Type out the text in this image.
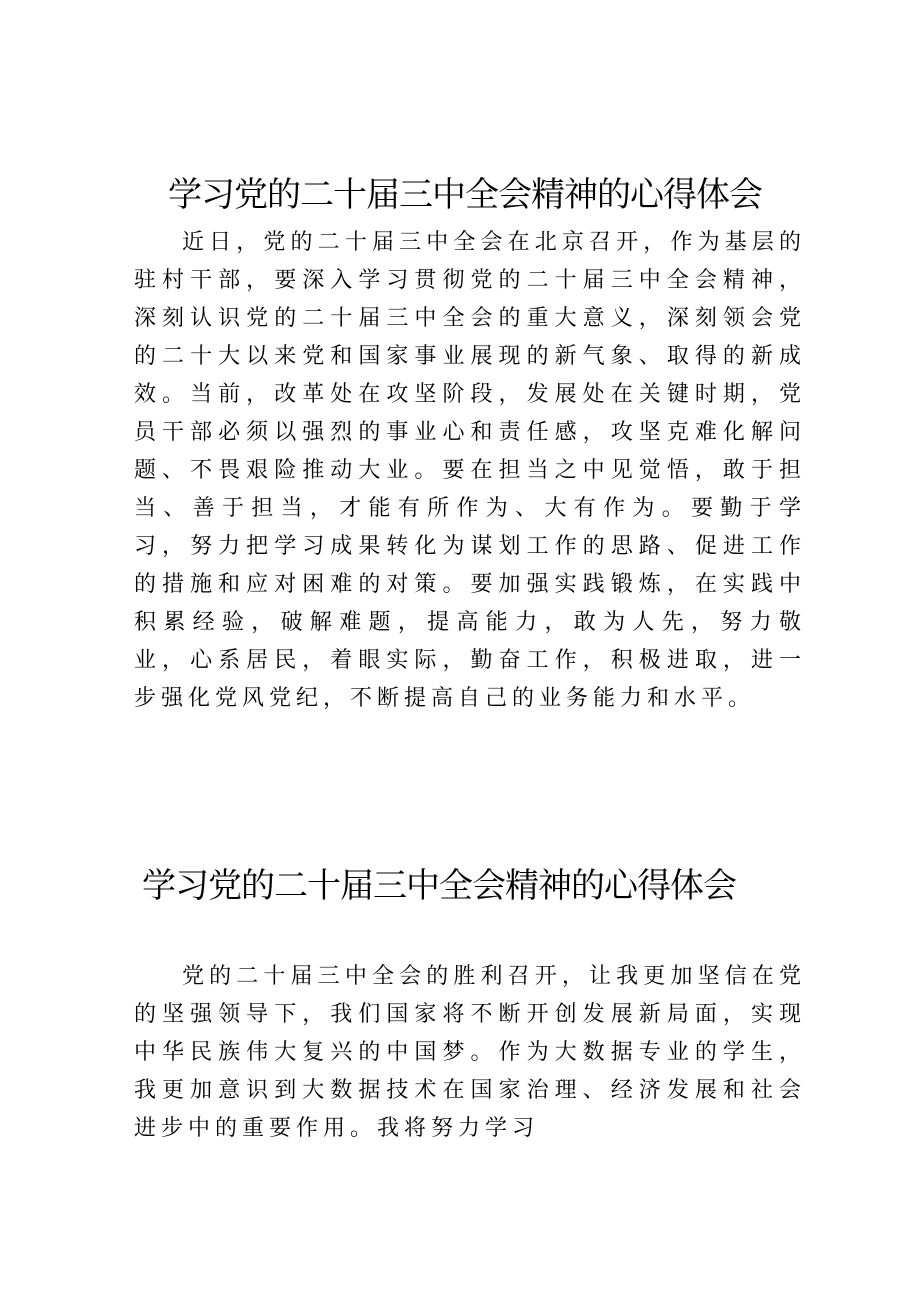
学习党的二十届三中全会精神的心得体会

近日，党的二十届三中全会在北京召开，作为基层的驻村干部，要深入学习贯彻党的二十届三中全会精神，深刻认识党的二十届三中全会的重大意义，深刻领会党的二十大以来党和国家事业展现的新气象、取得的新成效。当前，改革处在攻坚阶段，发展处在关键时期，党员干部必须以强烈的事业心和责任感，攻坚克难化解问题、不畏艰险推动大业。要在担当之中见觉悟，敢于担当、善于担当，才能有所作为、大有作为。要勤于学习，努力把学习成果转化为谋划工作的思路、促进工作的措施和应对困难的对策。要加强实践锻炼，在实践中积累经验，破解难题，提高能力，敢为人先，努力敬业，心系居民，着眼实际，勤奋工作，积极进取，进一步强化党风党纪，不断提高自己的业务能力和水平。

学习党的二十届三中全会精神的心得体会

党的二十届三中全会的胜利召开，让我更加坚信在党的坚强领导下，我们国家将不断开创发展新局面，实现中华民族伟大复兴的中国梦。作为大数据专业的学生，我更加意识到大数据技术在国家治理、经济发展和社会进步中的重要作用。我将努力学习
